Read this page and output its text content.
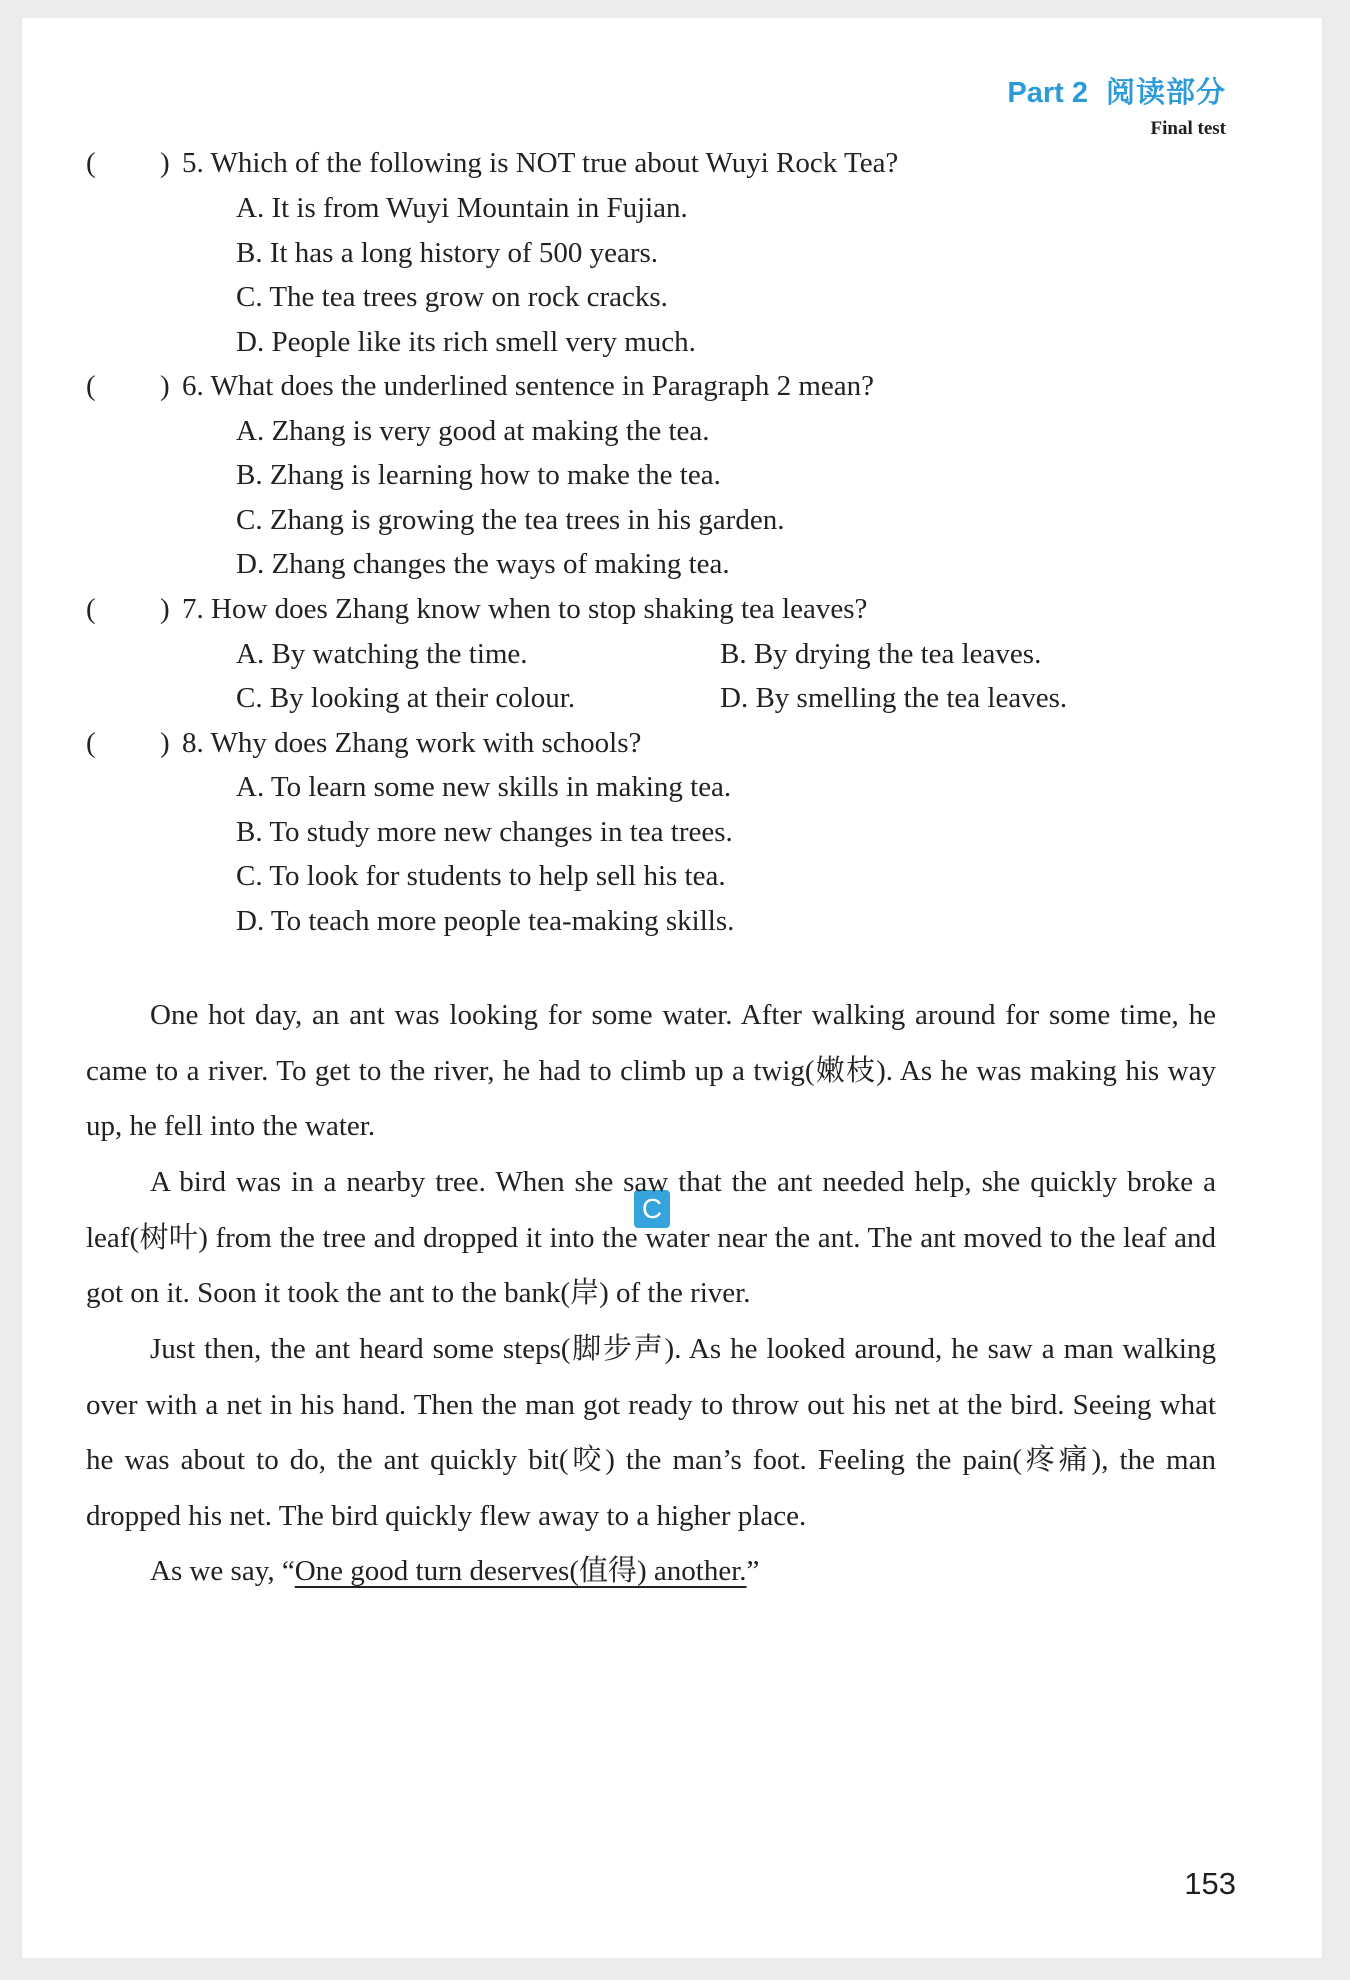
Part 2 阅读部分
Final test
( ) 5. Which of the following is NOT true about Wuyi Rock Tea?
A. It is from Wuyi Mountain in Fujian.
B. It has a long history of 500 years.
C. The tea trees grow on rock cracks.
D. People like its rich smell very much.
( ) 6. What does the underlined sentence in Paragraph 2 mean?
A. Zhang is very good at making the tea.
B. Zhang is learning how to make the tea.
C. Zhang is growing the tea trees in his garden.
D. Zhang changes the ways of making tea.
( ) 7. How does Zhang know when to stop shaking tea leaves?
A. By watching the time.	B. By drying the tea leaves.
C. By looking at their colour.	D. By smelling the tea leaves.
( ) 8. Why does Zhang work with schools?
A. To learn some new skills in making tea.
B. To study more new changes in tea trees.
C. To look for students to help sell his tea.
D. To teach more people tea-making skills.
C
One hot day, an ant was looking for some water. After walking around for some time, he came to a river. To get to the river, he had to climb up a twig(嫩枝). As he was making his way up, he fell into the water.
A bird was in a nearby tree. When she saw that the ant needed help, she quickly broke a leaf(树叶) from the tree and dropped it into the water near the ant. The ant moved to the leaf and got on it. Soon it took the ant to the bank(岸) of the river.
Just then, the ant heard some steps(脚步声). As he looked around, he saw a man walking over with a net in his hand. Then the man got ready to throw out his net at the bird. Seeing what he was about to do, the ant quickly bit(咬) the man’s foot. Feeling the pain(疼痛), the man dropped his net. The bird quickly flew away to a higher place.
As we say, “One good turn deserves(值得) another.”
153
